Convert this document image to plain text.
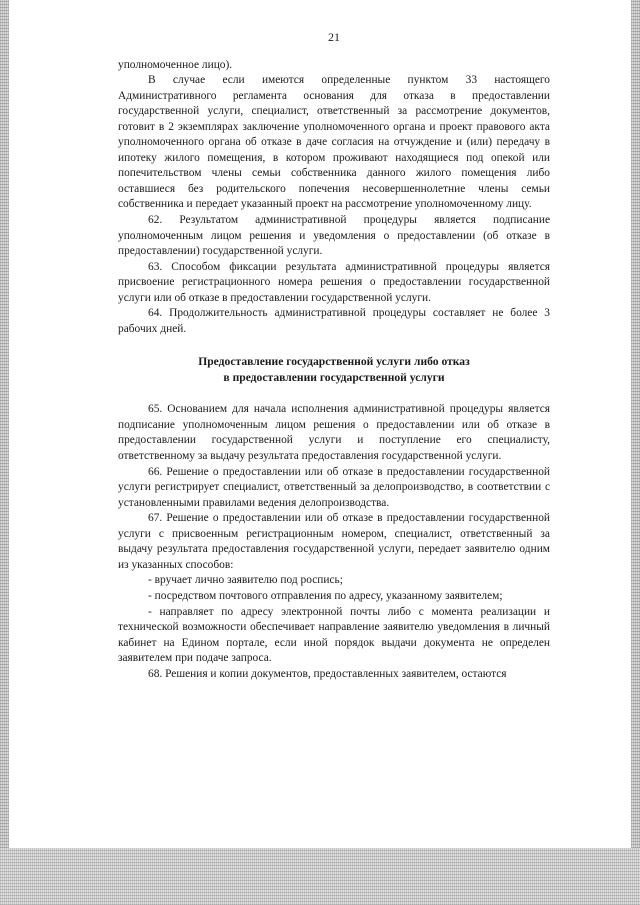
21

уполномоченное лицо).

В случае если имеются определенные пунктом 33 настоящего Административного регламента основания для отказа в предоставлении государственной услуги, специалист, ответственный за рассмотрение документов, готовит в 2 экземплярах заключение уполномоченного органа и проект правового акта уполномоченного органа об отказе в даче согласия на отчуждение и (или) передачу в ипотеку жилого помещения, в котором проживают находящиеся под опекой или попечительством члены семьи собственника данного жилого помещения либо оставшиеся без родительского попечения несовершеннолетние члены семьи собственника и передает указанный проект на рассмотрение уполномоченному лицу.

62. Результатом административной процедуры является подписание уполномоченным лицом решения и уведомления о предоставлении (об отказе в предоставлении) государственной услуги.

63. Способом фиксации результата административной процедуры является присвоение регистрационного номера решения о предоставлении государственной услуги или об отказе в предоставлении государственной услуги.

64. Продолжительность административной процедуры составляет не более 3 рабочих дней.

Предоставление государственной услуги либо отказ
в предоставлении государственной услуги

65. Основанием для начала исполнения административной процедуры является подписание уполномоченным лицом решения о предоставлении или об отказе в предоставлении государственной услуги и поступление его специалисту, ответственному за выдачу результата предоставления государственной услуги.

66. Решение о предоставлении или об отказе в предоставлении государственной услуги регистрирует специалист, ответственный за делопроизводство, в соответствии с установленными правилами ведения делопроизводства.

67. Решение о предоставлении или об отказе в предоставлении государственной услуги с присвоенным регистрационным номером, специалист, ответственный за выдачу результата предоставления государственной услуги, передает заявителю одним из указанных способов:

- вручает лично заявителю под роспись;

- посредством почтового отправления по адресу, указанному заявителем;

- направляет по адресу электронной почты либо с момента реализации и технической возможности обеспечивает направление заявителю уведомления в личный кабинет на Едином портале, если иной порядок выдачи документа не определен заявителем при подаче запроса.

68. Решения и копии документов, предоставленных заявителем, остаются
